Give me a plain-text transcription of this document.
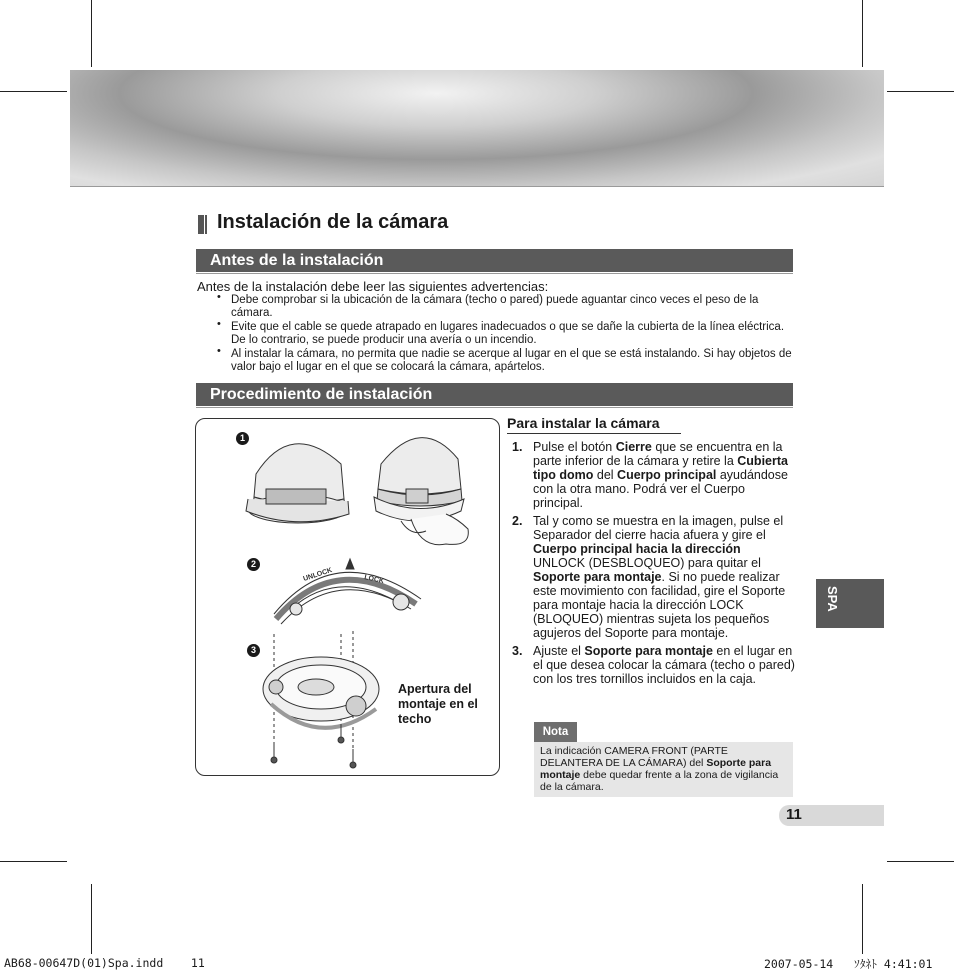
Instalación de la cámara
Antes de la instalación
Antes de la instalación debe leer las siguientes advertencias:
• Debe comprobar si la ubicación de la cámara (techo o pared) puede aguantar cinco veces el peso de la cámara.
• Evite que el cable se quede atrapado en lugares inadecuados o que se dañe la cubierta de la línea eléctrica. De lo contrario, se puede producir una avería o un incendio.
• Al instalar la cámara, no permita que nadie se acerque al lugar en el que se está instalando. Si hay objetos de valor bajo el lugar en el que se colocará la cámara, apártelos.
Procedimiento de instalación
UNLOCK	LOCK
1
2
3
Apertura del montaje en el techo
Para instalar la cámara
1. Pulse el botón Cierre que se encuentra en la parte inferior de la cámara y retire la Cubierta tipo domo del Cuerpo principal ayudándose con la otra mano. Podrá ver el Cuerpo principal.
2. Tal y como se muestra en la imagen, pulse el Separador del cierre hacia afuera y gire el Cuerpo principal hacia la dirección UNLOCK (DESBLOQUEO) para quitar el Soporte para montaje. Si no puede realizar este movimiento con facilidad, gire el Soporte para montaje hacia la dirección LOCK (BLOQUEO) mientras sujeta los pequeños agujeros del Soporte para montaje.
3. Ajuste el Soporte para montaje en el lugar en el que desea colocar la cámara (techo o pared) con los tres tornillos incluidos en la caja.
Nota
La indicación CAMERA FRONT (PARTE DELANTERA DE LA CÁMARA) del Soporte para montaje debe quedar frente a la zona de vigilancia de la cámara.
SPA
11
AB68-00647D(01)Spa.indd    11	2007-05-14   ｿﾀﾈﾄ 4:41:01
